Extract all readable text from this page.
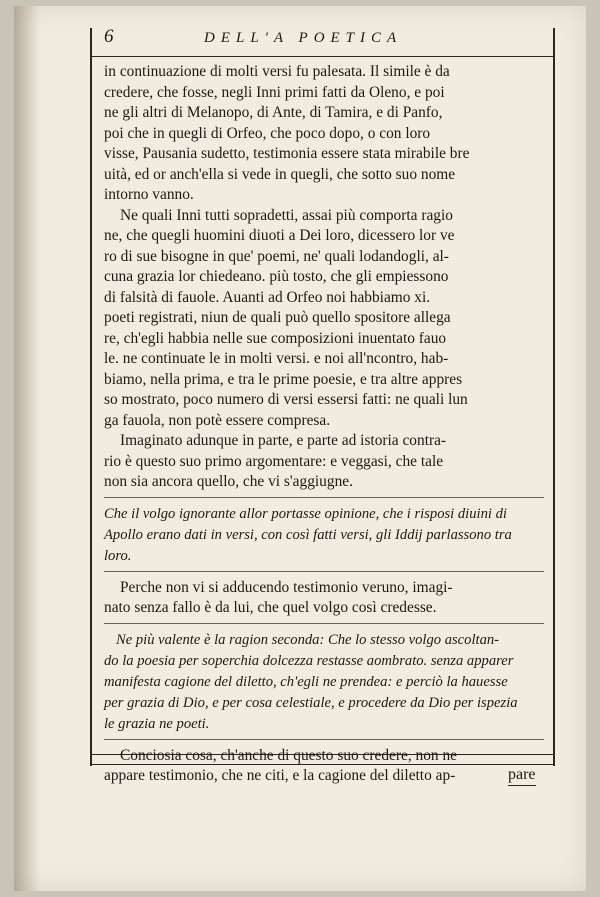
6	DELL'A POETICA

in continuazione di molti versi fu palesata. Il simile è da
credere, che fosse, negli Inni primi fatti da Oleno, e poi
ne gli altri di Melanopo, di Ante, di Tamira, e di Panfo,
poi che in quegli di Orfeo, che poco dopo, o con loro
visse, Pausania sudetto, testimonia essere stata mirabile bre
uità, ed or anch'ella si vede in quegli, che sotto suo nome
intorno vanno.

Ne quali Inni tutti sopradetti, assai più comporta ragio
ne, che quegli huomini diuoti a Dei loro, dicessero lor ve
ro di sue bisogne in que' poemi, ne' quali lodandogli, al-
cuna grazia lor chiedeano. più tosto, che gli empiessono
di falsità di fauole. Auanti ad Orfeo noi habbiamo xi.
poeti registrati, niun de quali può quello spositore allega
re, ch'egli habbia nelle sue composizioni inuentato fauo
le. ne continuate le in molti versi. e noi all'ncontro, hab-
biamo, nella prima, e tra le prime poesie, e tra altre appres
so mostrato, poco numero di versi essersi fatti: ne quali lun
ga fauola, non potè essere compresa.

Imaginato adunque in parte, e parte ad istoria contra-
rio è questo suo primo argomentare: e veggasi, che tale
non sia ancora quello, che vi s'aggiugne.

Che il volgo ignorante allor portasse opinione, che i risposi diuini di
Apollo erano dati in versi, con così fatti versi, gli Iddij parlassono tra
loro.

Perche non vi si adducendo testimonio veruno, imagi-
nato senza fallo è da lui, che quel volgo così credesse.

Ne più valente è la ragion seconda: Che lo stesso volgo ascoltan-
do la poesia per soperchia dolcezza restasse aombrato. senza apparer
manifesta cagione del diletto, ch'egli ne prendea: e perciò la hauesse
per grazia di Dio, e per cosa celestiale, e procedere da Dio per ispezia
le grazia ne poeti.

Conciosia cosa, ch'anche di questo suo credere, non ne
appare testimonio, che ne citi, e la cagione del diletto ap-	pare
